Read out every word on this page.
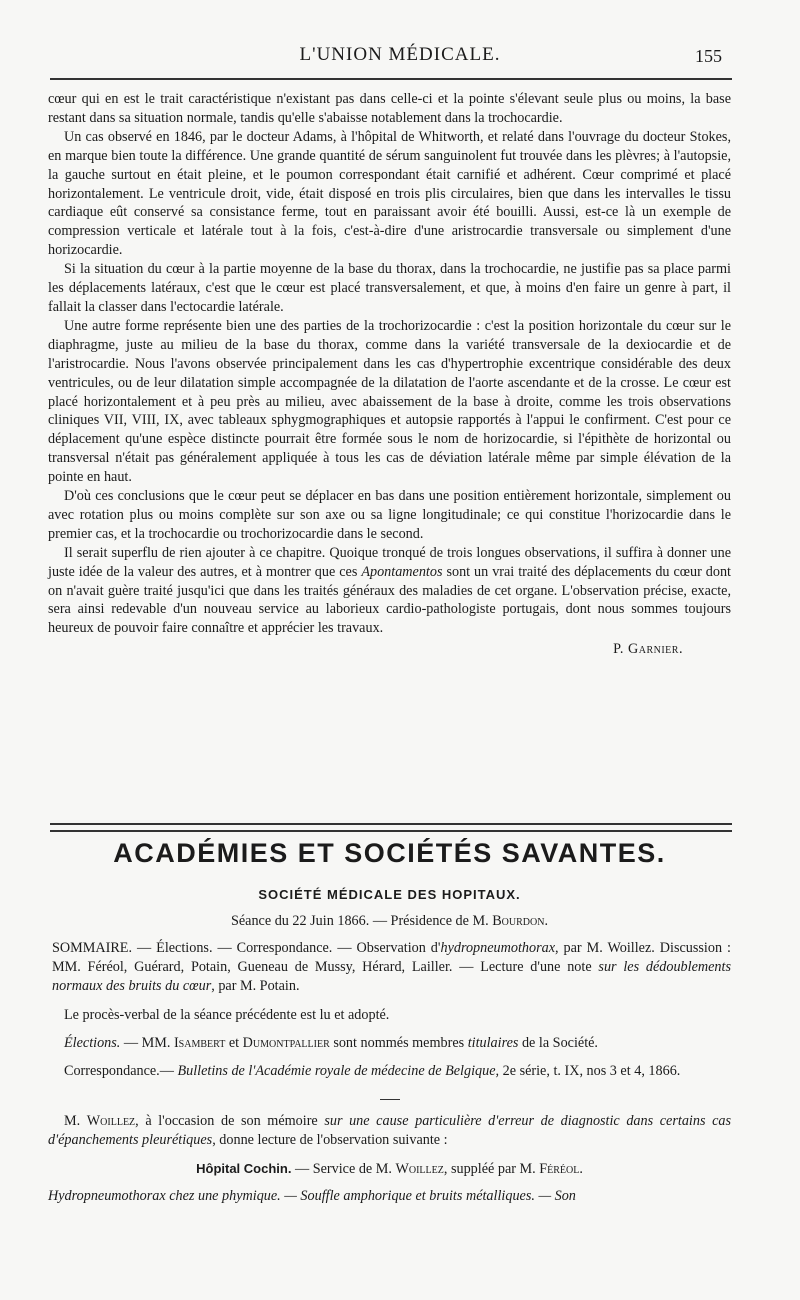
L'UNION MÉDICALE.	155

cœur qui en est le trait caractéristique n'existant pas dans celle-ci et la pointe s'élevant seule plus ou moins, la base restant dans sa situation normale, tandis qu'elle s'abaisse notablement dans la trochocardie.

Un cas observé en 1846, par le docteur Adams, à l'hôpital de Whitworth, et relaté dans l'ouvrage du docteur Stokes, en marque bien toute la différence. Une grande quantité de sérum sanguinolent fut trouvée dans les plèvres; à l'autopsie, la gauche surtout en était pleine, et le poumon correspondant était carnifié et adhérent. Cœur comprimé et placé horizontalement. Le ventricule droit, vide, était disposé en trois plis circulaires, bien que dans les intervalles le tissu cardiaque eût conservé sa consistance ferme, tout en paraissant avoir été bouilli. Aussi, est-ce là un exemple de compression verticale et latérale tout à la fois, c'est-à-dire d'une aristrocardie transversale ou simplement d'une horizocardie.

Si la situation du cœur à la partie moyenne de la base du thorax, dans la trochocardie, ne justifie pas sa place parmi les déplacements latéraux, c'est que le cœur est placé transversalement, et que, à moins d'en faire un genre à part, il fallait la classer dans l'ectocardie latérale.

Une autre forme représente bien une des parties de la trochorizocardie : c'est la position horizontale du cœur sur le diaphragme, juste au milieu de la base du thorax, comme dans la variété transversale de la dexiocardie et de l'aristrocardie. Nous l'avons observée principalement dans les cas d'hypertrophie excentrique considérable des deux ventricules, ou de leur dilatation simple accompagnée de la dilatation de l'aorte ascendante et de la crosse. Le cœur est placé horizontalement et à peu près au milieu, avec abaissement de la base à droite, comme les trois observations cliniques VII, VIII, IX, avec tableaux sphygmographiques et autopsie rapportés à l'appui le confirment. C'est pour ce déplacement qu'une espèce distincte pourrait être formée sous le nom de horizocardie, si l'épithète de horizontal ou transversal n'était pas généralement appliquée à tous les cas de déviation latérale même par simple élévation de la pointe en haut.

D'où ces conclusions que le cœur peut se déplacer en bas dans une position entièrement horizontale, simplement ou avec rotation plus ou moins complète sur son axe ou sa ligne longitudinale; ce qui constitue l'horizocardie dans le premier cas, et la trochocardie ou trochorizocardie dans le second.

Il serait superflu de rien ajouter à ce chapitre. Quoique tronqué de trois longues observations, il suffira à donner une juste idée de la valeur des autres, et à montrer que ces Apontamentos sont un vrai traité des déplacements du cœur dont on n'avait guère traité jusqu'ici que dans les traités généraux des maladies de cet organe. L'observation précise, exacte, sera ainsi redevable d'un nouveau service au laborieux cardio-pathologiste portugais, dont nous sommes toujours heureux de pouvoir faire connaître et apprécier les travaux.

P. Garnier.
ACADÉMIES ET SOCIÉTÉS SAVANTES.
SOCIÉTÉ MÉDICALE DES HOPITAUX.
Séance du 22 Juin 1866. — Présidence de M. Bourdon.
SOMMAIRE. — Élections. — Correspondance. — Observation d'hydropneumothorax, par M. Woillez. Discussion : MM. Féréol, Guérard, Potain, Gueneau de Mussy, Hérard, Lailler. — Lecture d'une note sur les dédoublements normaux des bruits du cœur, par M. Potain.

Le procès-verbal de la séance précédente est lu et adopté.

Élections. — MM. Isambert et Dumontpallier sont nommés membres titulaires de la Société.

Correspondance.— Bulletins de l'Académie royale de médecine de Belgique, 2e série, t. IX, nos 3 et 4, 1866.

M. Woillez, à l'occasion de son mémoire sur une cause particulière d'erreur de diagnostic dans certains cas d'épanchements pleurétiques, donne lecture de l'observation suivante :

Hôpital Cochin. — Service de M. Woillez, suppléé par M. Féréol.
Hydropneumothorax chez une phymique. — Souffle amphorique et bruits métalliques. — Son
